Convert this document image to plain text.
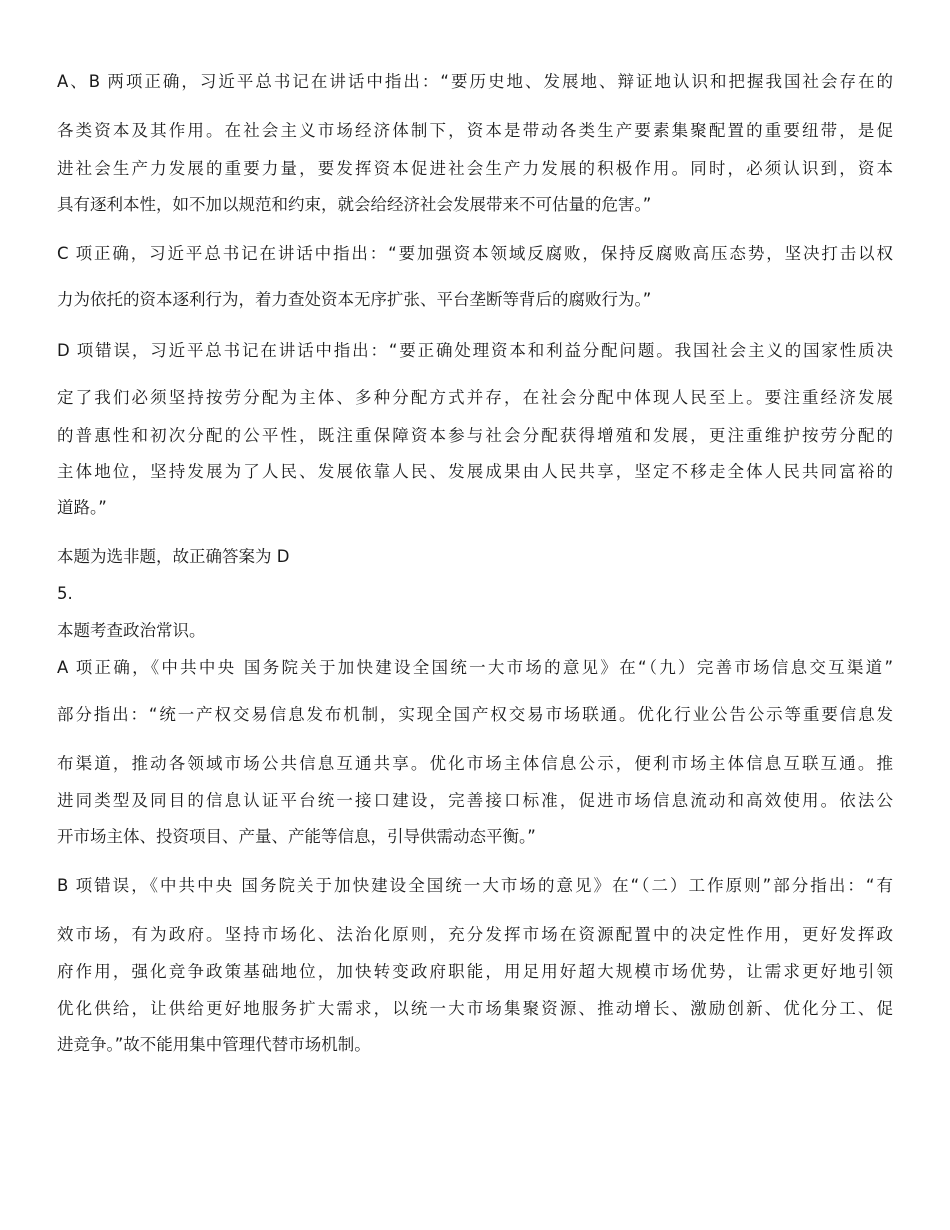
A、B 两项正确，习近平总书记在讲话中指出：“要历史地、发展地、辩证地认识和把握我国社会存在的
各类资本及其作用。在社会主义市场经济体制下，资本是带动各类生产要素集聚配置的重要纽带，是促
进社会生产力发展的重要力量，要发挥资本促进社会生产力发展的积极作用。同时，必须认识到，资本
具有逐利本性，如不加以规范和约束，就会给经济社会发展带来不可估量的危害。”
C 项正确，习近平总书记在讲话中指出：“要加强资本领域反腐败，保持反腐败高压态势，坚决打击以权
力为依托的资本逐利行为，着力查处资本无序扩张、平台垄断等背后的腐败行为。”
D 项错误，习近平总书记在讲话中指出：“要正确处理资本和利益分配问题。我国社会主义的国家性质决
定了我们必须坚持按劳分配为主体、多种分配方式并存，在社会分配中体现人民至上。要注重经济发展
的普惠性和初次分配的公平性，既注重保障资本参与社会分配获得增殖和发展，更注重维护按劳分配的
主体地位，坚持发展为了人民、发展依靠人民、发展成果由人民共享，坚定不移走全体人民共同富裕的
道路。”
本题为选非题，故正确答案为 D
5.
本题考查政治常识。
A 项正确，《中共中央 国务院关于加快建设全国统一大市场的意见》在“（九）完善市场信息交互渠道”
部分指出：“统一产权交易信息发布机制，实现全国产权交易市场联通。优化行业公告公示等重要信息发
布渠道，推动各领域市场公共信息互通共享。优化市场主体信息公示，便利市场主体信息互联互通。推
进同类型及同目的信息认证平台统一接口建设，完善接口标准，促进市场信息流动和高效使用。依法公
开市场主体、投资项目、产量、产能等信息，引导供需动态平衡。”
B 项错误，《中共中央 国务院关于加快建设全国统一大市场的意见》在“（二）工作原则”部分指出：“有
效市场，有为政府。坚持市场化、法治化原则，充分发挥市场在资源配置中的决定性作用，更好发挥政
府作用，强化竞争政策基础地位，加快转变政府职能，用足用好超大规模市场优势，让需求更好地引领
优化供给，让供给更好地服务扩大需求，以统一大市场集聚资源、推动增长、激励创新、优化分工、促
进竞争。”故不能用集中管理代替市场机制。
